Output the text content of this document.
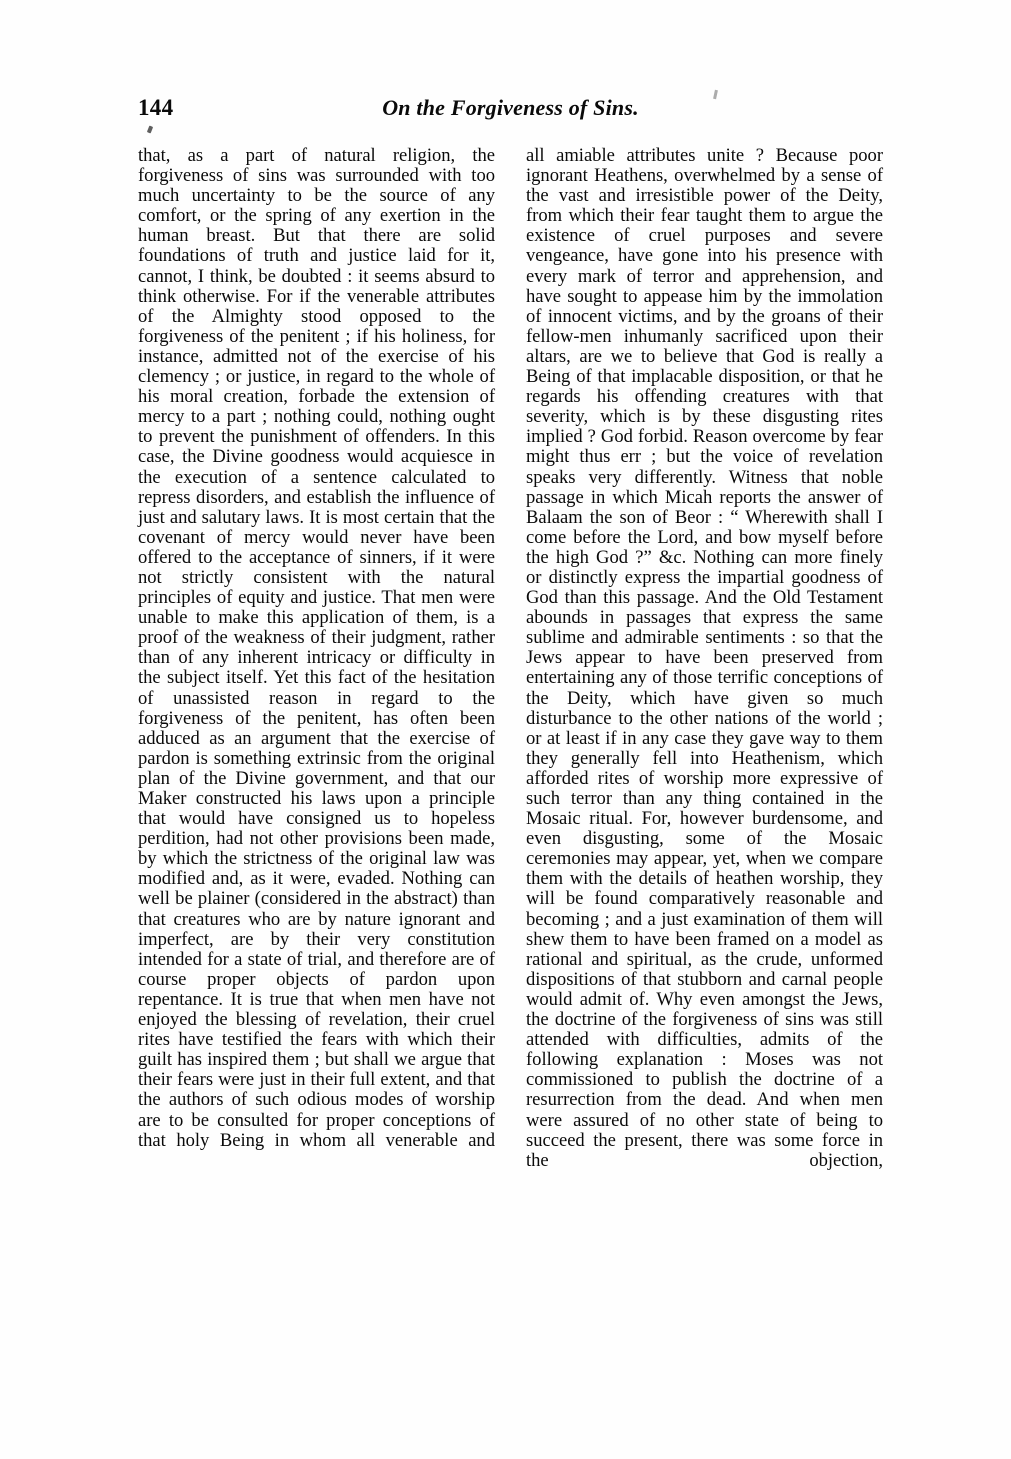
144	On the Forgiveness of Sins.

that, as a part of natural religion, the forgiveness of sins was surrounded with too much uncertainty to be the source of any comfort, or the spring of any exertion in the human breast. But that there are solid foundations of truth and justice laid for it, cannot, I think, be doubted : it seems absurd to think otherwise. For if the venerable attributes of the Almighty stood opposed to the forgiveness of the penitent ; if his holiness, for instance, admitted not of the exercise of his clemency ; or justice, in regard to the whole of his moral creation, forbade the extension of mercy to a part ; nothing could, nothing ought to prevent the punishment of offenders. In this case, the Divine goodness would acquiesce in the execution of a sentence calculated to repress disorders, and establish the influence of just and salutary laws. It is most certain that the covenant of mercy would never have been offered to the acceptance of sinners, if it were not strictly consistent with the natural principles of equity and justice. That men were unable to make this application of them, is a proof of the weakness of their judgment, rather than of any inherent intricacy or difficulty in the subject itself. Yet this fact of the hesitation of unassisted reason in regard to the forgiveness of the penitent, has often been adduced as an argument that the exercise of pardon is something extrinsic from the original plan of the Divine government, and that our Maker constructed his laws upon a principle that would have consigned us to hopeless perdition, had not other provisions been made, by which the strictness of the original law was modified and, as it were, evaded. Nothing can well be plainer (considered in the abstract) than that creatures who are by nature ignorant and imperfect, are by their very constitution intended for a state of trial, and therefore are of course proper objects of pardon upon repentance. It is true that when men have not enjoyed the blessing of revelation, their cruel rites have testified the fears with which their guilt has inspired them ; but shall we argue that their fears were just in their full extent, and that the authors of such odious modes of worship are to be consulted for proper conceptions of that holy Being in whom all venerable and

all amiable attributes unite ? Because poor ignorant Heathens, overwhelmed by a sense of the vast and irresistible power of the Deity, from which their fear taught them to argue the existence of cruel purposes and severe vengeance, have gone into his presence with every mark of terror and apprehension, and have sought to appease him by the immolation of innocent victims, and by the groans of their fellow-men inhumanly sacrificed upon their altars, are we to believe that God is really a Being of that implacable disposition, or that he regards his offending creatures with that severity, which is by these disgusting rites implied ? God forbid. Reason overcome by fear might thus err ; but the voice of revelation speaks very differently. Witness that noble passage in which Micah reports the answer of Balaam the son of Beor : “ Wherewith shall I come before the Lord, and bow myself before the high God ?” &c. Nothing can more finely or distinctly express the impartial goodness of God than this passage. And the Old Testament abounds in passages that express the same sublime and admirable sentiments : so that the Jews appear to have been preserved from entertaining any of those terrific conceptions of the Deity, which have given so much disturbance to the other nations of the world ; or at least if in any case they gave way to them they generally fell into Heathenism, which afforded rites of worship more expressive of such terror than any thing contained in the Mosaic ritual. For, however burdensome, and even disgusting, some of the Mosaic ceremonies may appear, yet, when we compare them with the details of heathen worship, they will be found comparatively reasonable and becoming ; and a just examination of them will shew them to have been framed on a model as rational and spiritual, as the crude, unformed dispositions of that stubborn and carnal people would admit of. Why even amongst the Jews, the doctrine of the forgiveness of sins was still attended with difficulties, admits of the following explanation : Moses was not commissioned to publish the doctrine of a resurrection from the dead. And when men were assured of no other state of being to succeed the present, there was some force in the objection,
